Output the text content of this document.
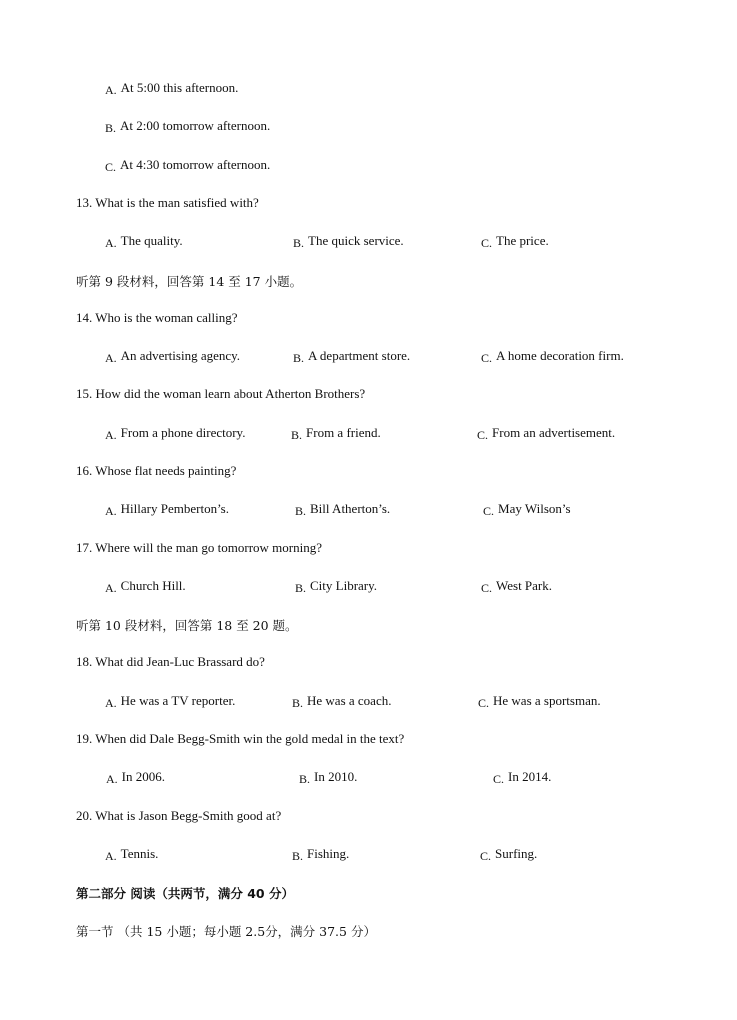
A. At 5:00 this afternoon.
B. At 2:00 tomorrow afternoon.
C. At 4:30 tomorrow afternoon.
13. What is the man satisfied with?
A. The quality.	B. The quick service.	C. The price.
听第 9 段材料，回答第 14 至 17 小题。
14. Who is the woman calling?
A. An advertising agency.	B. A department store.	C. A home decoration firm.
15. How did the woman learn about Atherton Brothers?
A. From a phone directory.	B. From a friend.	C. From an advertisement.
16. Whose flat needs painting?
A. Hillary Pemberton’s.	B. Bill Atherton’s.	C. May Wilson’s
17. Where will the man go tomorrow morning?
A. Church Hill.	B. City Library.	C. West Park.
听第 10 段材料，回答第 18 至 20 题。
18. What did Jean-Luc Brassard do?
A. He was a TV reporter.	B. He was a coach.	C. He was a sportsman.
19. When did Dale Begg-Smith win the gold medal in the text?
A. In 2006.	B. In 2010.	C. In 2014.
20. What is Jason Begg-Smith good at?
A. Tennis.	B. Fishing.	C. Surfing.
第二部分 阅读（共两节，满分 40 分）
第一节 （共 15 小题；每小题 2.5分，满分 37.5 分）
